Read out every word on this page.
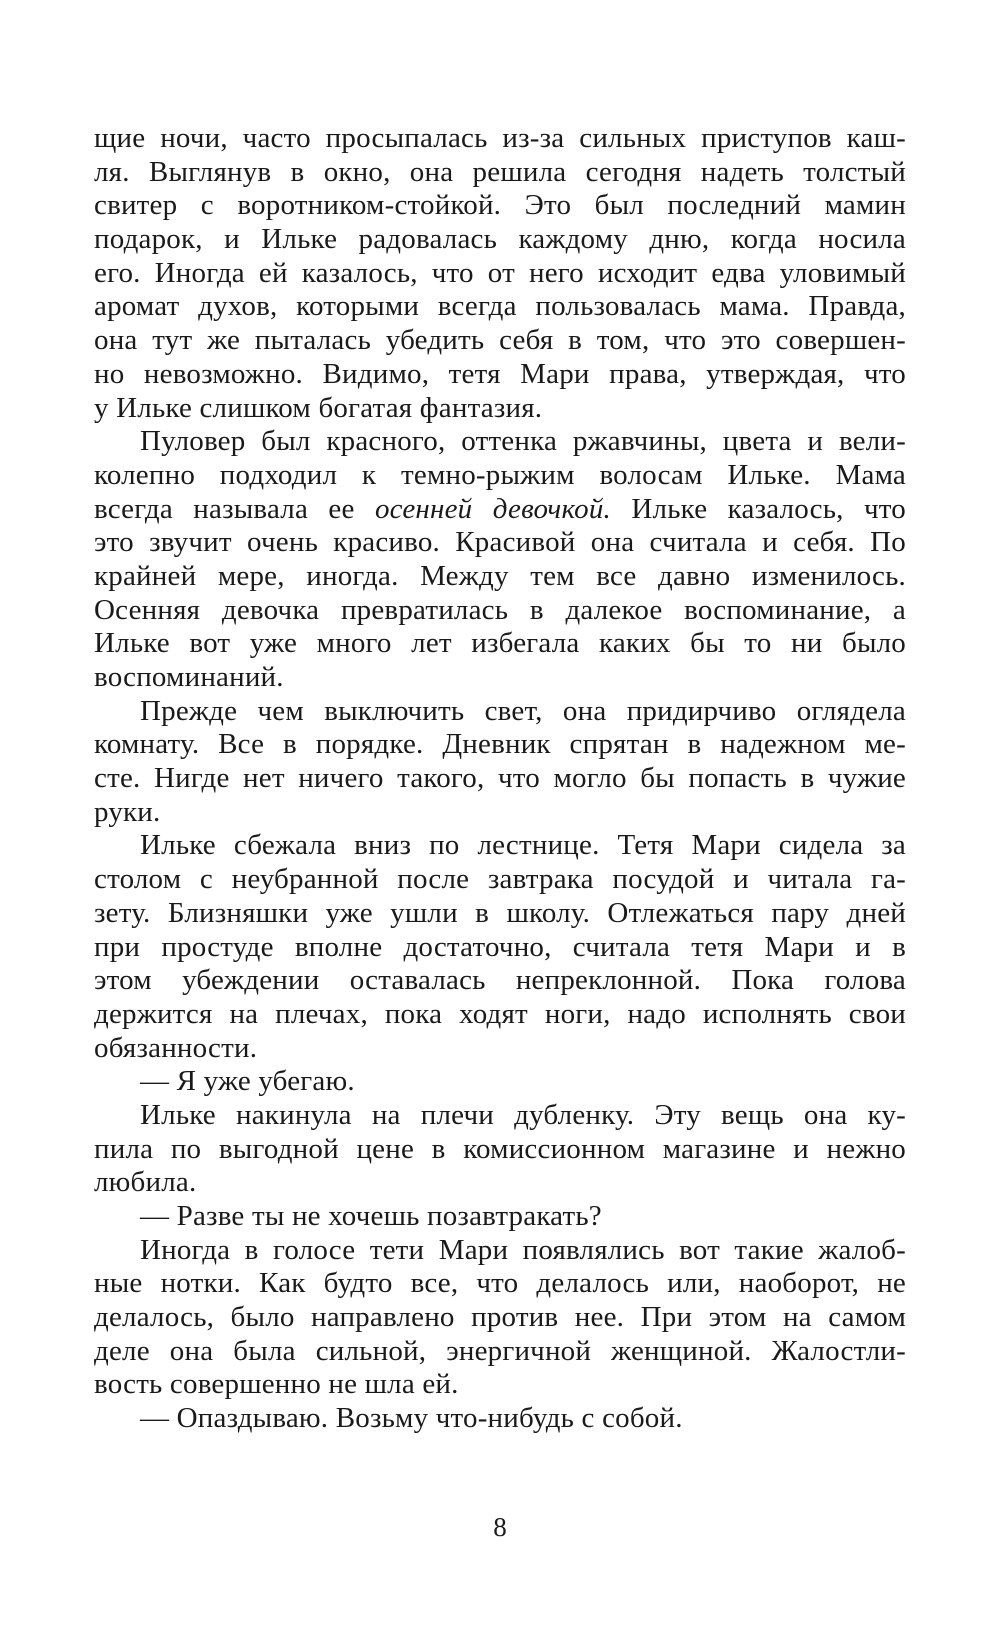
щие ночи, часто просыпалась из-за сильных приступов каш-
ля. Выглянув в окно, она решила сегодня надеть толстый
свитер с воротником-стойкой. Это был последний мамин
подарок, и Ильке радовалась каждому дню, когда носила
его. Иногда ей казалось, что от него исходит едва уловимый
аромат духов, которыми всегда пользовалась мама. Правда,
она тут же пыталась убедить себя в том, что это совершен-
но невозможно. Видимо, тетя Мари права, утверждая, что
у Ильке слишком богатая фантазия.
Пуловер был красного, оттенка ржавчины, цвета и вели-
колепно подходил к темно-рыжим волосам Ильке. Мама
всегда называла ее осенней девочкой. Ильке казалось, что
это звучит очень красиво. Красивой она считала и себя. По
крайней мере, иногда. Между тем все давно изменилось.
Осенняя девочка превратилась в далекое воспоминание, а
Ильке вот уже много лет избегала каких бы то ни было
воспоминаний.
Прежде чем выключить свет, она придирчиво оглядела
комнату. Все в порядке. Дневник спрятан в надежном ме-
сте. Нигде нет ничего такого, что могло бы попасть в чужие
руки.
Ильке сбежала вниз по лестнице. Тетя Мари сидела за
столом с неубранной после завтрака посудой и читала га-
зету. Близняшки уже ушли в школу. Отлежаться пару дней
при простуде вполне достаточно, считала тетя Мари и в
этом убеждении оставалась непреклонной. Пока голова
держится на плечах, пока ходят ноги, надо исполнять свои
обязанности.
— Я уже убегаю.
Ильке накинула на плечи дубленку. Эту вещь она ку-
пила по выгодной цене в комиссионном магазине и нежно
любила.
— Разве ты не хочешь позавтракать?
Иногда в голосе тети Мари появлялись вот такие жалоб-
ные нотки. Как будто все, что делалось или, наоборот, не
делалось, было направлено против нее. При этом на самом
деле она была сильной, энергичной женщиной. Жалостли-
вость совершенно не шла ей.
— Опаздываю. Возьму что-нибудь с собой.
8
